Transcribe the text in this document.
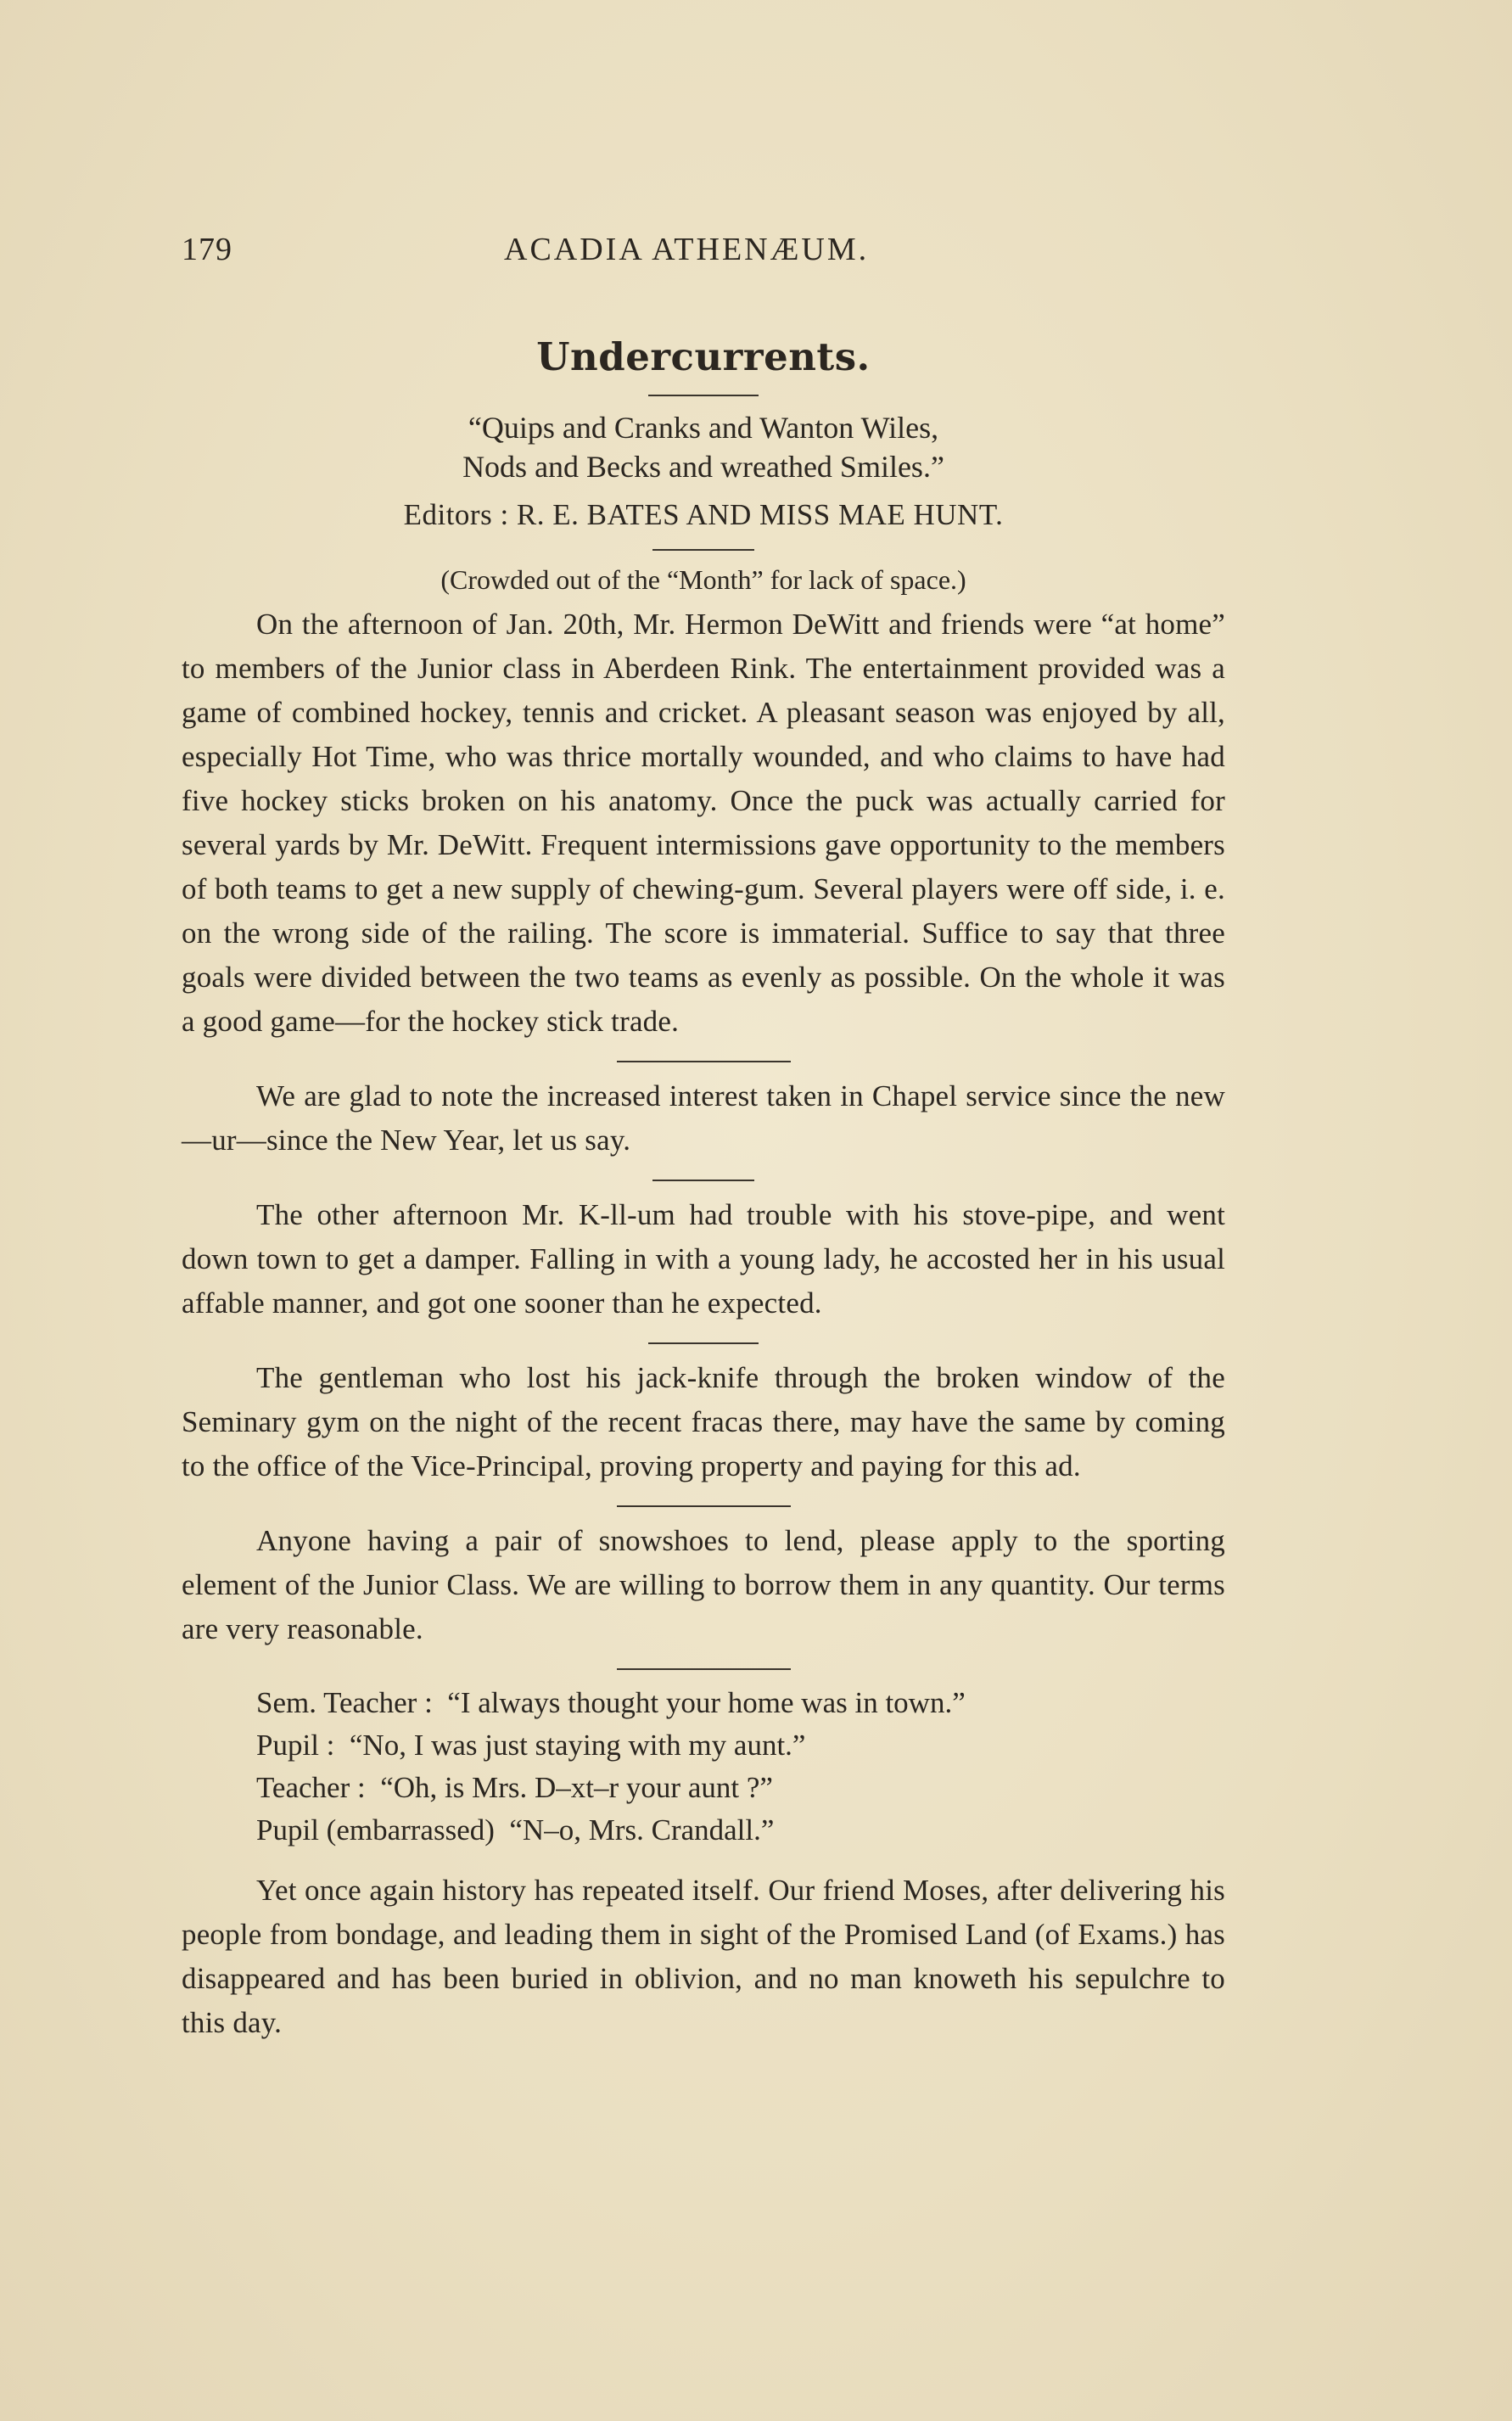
179	ACADIA ATHENÆUM.
Undercurrents.
“Quips and Cranks and Wanton Wiles,
Nods and Becks and wreathed Smiles.”
Editors : R. E. BATES AND MISS MAE HUNT.
(Crowded out of the “Month” for lack of space.)

On the afternoon of Jan. 20th, Mr. Hermon DeWitt and friends were “at home” to members of the Junior class in Aberdeen Rink. The entertainment provided was a game of combined hockey, tennis and cricket. A pleasant season was enjoyed by all, especially Hot Time, who was thrice mortally wounded, and who claims to have had five hockey sticks broken on his anatomy. Once the puck was actually carried for several yards by Mr. DeWitt. Frequent intermissions gave opportunity to the members of both teams to get a new supply of chewing-gum. Several players were off side, i. e. on the wrong side of the railing. The score is immaterial. Suffice to say that three goals were divided between the two teams as evenly as possible. On the whole it was a good game—for the hockey stick trade.

We are glad to note the increased interest taken in Chapel service since the new—ur—since the New Year, let us say.

The other afternoon Mr. K-ll-um had trouble with his stove-pipe, and went down town to get a damper. Falling in with a young lady, he accosted her in his usual affable manner, and got one sooner than he expected.

The gentleman who lost his jack-knife through the broken window of the Seminary gym on the night of the recent fracas there, may have the same by coming to the office of the Vice-Principal, proving property and paying for this ad.

Anyone having a pair of snowshoes to lend, please apply to the sporting element of the Junior Class. We are willing to borrow them in any quantity. Our terms are very reasonable.

Sem. Teacher :  “I always thought your home was in town.”
Pupil :  “No, I was just staying with my aunt.”
Teacher :  “Oh, is Mrs. D–xt–r your aunt ?”
Pupil (embarrassed)  “N–o, Mrs. Crandall.”

Yet once again history has repeated itself. Our friend Moses, after delivering his people from bondage, and leading them in sight of the Promised Land (of Exams.) has disappeared and has been buried in oblivion, and no man knoweth his sepulchre to this day.
